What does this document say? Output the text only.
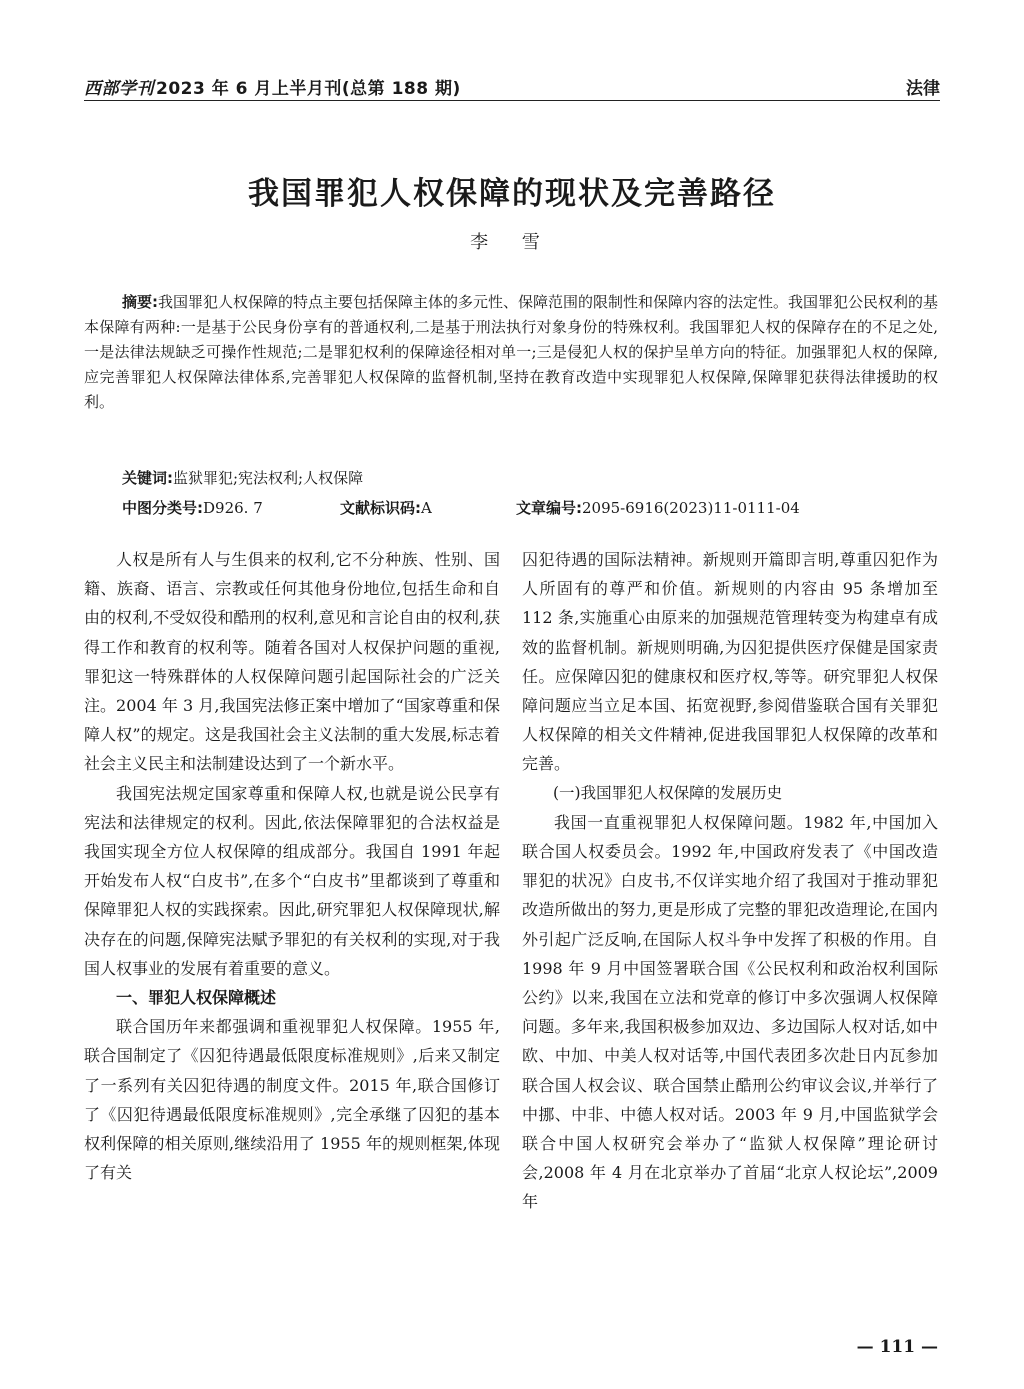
西部学刊 2023 年 6 月上半月刊(总第 188 期)	法律
我国罪犯人权保障的现状及完善路径
李 雪
摘要:我国罪犯人权保障的特点主要包括保障主体的多元性、保障范围的限制性和保障内容的法定性。我国罪犯公民权利的基本保障有两种:一是基于公民身份享有的普通权利,二是基于刑法执行对象身份的特殊权利。我国罪犯人权的保障存在的不足之处,一是法律法规缺乏可操作性规范;二是罪犯权利的保障途径相对单一;三是侵犯人权的保护呈单方向的特征。加强罪犯人权的保障,应完善罪犯人权保障法律体系,完善罪犯人权保障的监督机制,坚持在教育改造中实现罪犯人权保障,保障罪犯获得法律援助的权利。
关键词:监狱罪犯;宪法权利;人权保障
中图分类号:D926. 7	文献标识码:A	文章编号:2095-6916(2023)11-0111-04

人权是所有人与生俱来的权利,它不分种族、性别、国籍、族裔、语言、宗教或任何其他身份地位,包括生命和自由的权利,不受奴役和酷刑的权利,意见和言论自由的权利,获得工作和教育的权利等。随着各国对人权保护问题的重视,罪犯这一特殊群体的人权保障问题引起国际社会的广泛关注。2004 年 3 月,我国宪法修正案中增加了“国家尊重和保障人权”的规定。这是我国社会主义法制的重大发展,标志着社会主义民主和法制建设达到了一个新水平。

我国宪法规定国家尊重和保障人权,也就是说公民享有宪法和法律规定的权利。因此,依法保障罪犯的合法权益是我国实现全方位人权保障的组成部分。我国自 1991 年起开始发布人权“白皮书”,在多个“白皮书”里都谈到了尊重和保障罪犯人权的实践探索。因此,研究罪犯人权保障现状,解决存在的问题,保障宪法赋予罪犯的有关权利的实现,对于我国人权事业的发展有着重要的意义。

一、罪犯人权保障概述

联合国历年来都强调和重视罪犯人权保障。1955 年,联合国制定了《囚犯待遇最低限度标准规则》,后来又制定了一系列有关囚犯待遇的制度文件。2015 年,联合国修订了《囚犯待遇最低限度标准规则》,完全承继了囚犯的基本权利保障的相关原则,继续沿用了 1955 年的规则框架,体现了有关

囚犯待遇的国际法精神。新规则开篇即言明,尊重囚犯作为人所固有的尊严和价值。新规则的内容由 95 条增加至 112 条,实施重心由原来的加强规范管理转变为构建卓有成效的监督机制。新规则明确,为囚犯提供医疗保健是国家责任。应保障囚犯的健康权和医疗权,等等。研究罪犯人权保障问题应当立足本国、拓宽视野,参阅借鉴联合国有关罪犯人权保障的相关文件精神,促进我国罪犯人权保障的改革和完善。

(一)我国罪犯人权保障的发展历史

我国一直重视罪犯人权保障问题。1982 年,中国加入联合国人权委员会。1992 年,中国政府发表了《中国改造罪犯的状况》白皮书,不仅详实地介绍了我国对于推动罪犯改造所做出的努力,更是形成了完整的罪犯改造理论,在国内外引起广泛反响,在国际人权斗争中发挥了积极的作用。自 1998 年 9 月中国签署联合国《公民权利和政治权利国际公约》以来,我国在立法和党章的修订中多次强调人权保障问题。多年来,我国积极参加双边、多边国际人权对话,如中欧、中加、中美人权对话等,中国代表团多次赴日内瓦参加联合国人权会议、联合国禁止酷刑公约审议会议,并举行了中挪、中非、中德人权对话。2003 年 9 月,中国监狱学会联合中国人权研究会举办了“监狱人权保障”理论研讨会,2008 年 4 月在北京举办了首届“北京人权论坛”,2009 年

— 111 —
